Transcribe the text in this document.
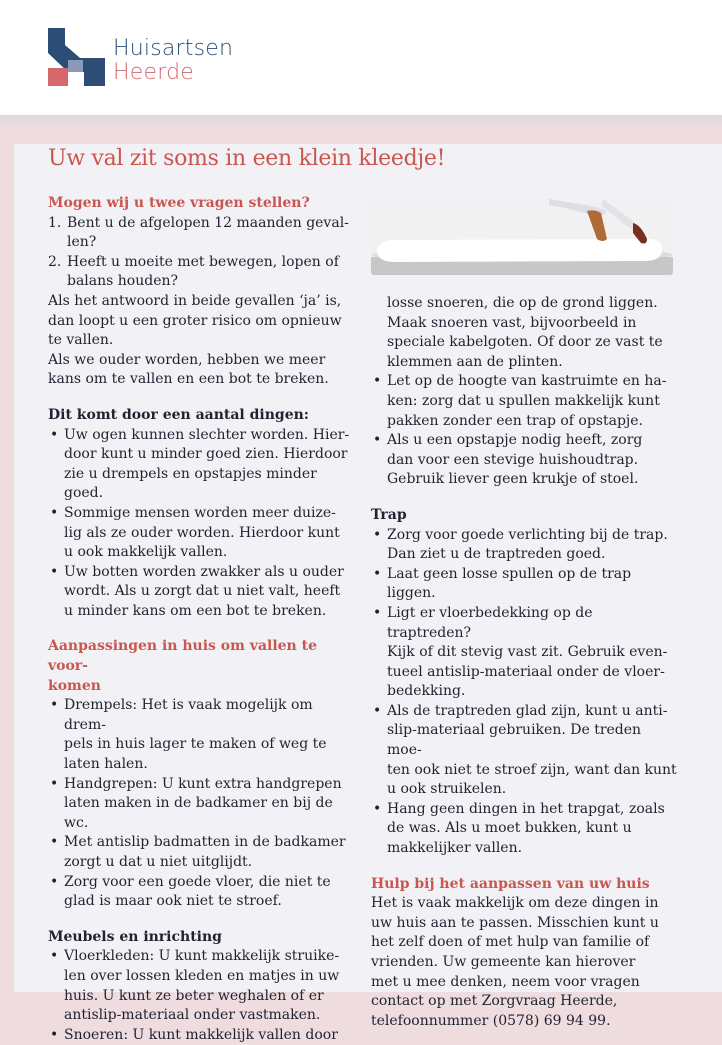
Huisartsen
Heerde
Uw val zit soms in een klein kleedje!

Mogen wij u twee vragen stellen?

1. Bent u de afgelopen 12 maanden geval-
len?
2. Heeft u moeite met bewegen, lopen of
balans houden?

Als het antwoord in beide gevallen ‘ja’ is,
dan loopt u een groter risico om opnieuw
te vallen.

Als we ouder worden, hebben we meer
kans om te vallen en een bot te breken.

Dit komt door een aantal dingen:

• Uw ogen kunnen slechter worden. Hier-
door kunt u minder goed zien. Hierdoor
zie u drempels en opstapjes minder goed.
• Sommige mensen worden meer duize-
lig als ze ouder worden. Hierdoor kunt
u ook makkelijk vallen.
• Uw botten worden zwakker als u ouder
wordt. Als u zorgt dat u niet valt, heeft
u minder kans om een bot te breken.

Aanpassingen in huis om vallen te voor-
komen

• Drempels: Het is vaak mogelijk om drem-
pels in huis lager te maken of weg te
laten halen.
• Handgrepen: U kunt extra handgrepen
laten maken in de badkamer en bij de wc.
• Met antislip badmatten in de badkamer
zorgt u dat u niet uitglijdt.
• Zorg voor een goede vloer, die niet te
glad is maar ook niet te stroef.

Meubels en inrichting

• Vloerkleden: U kunt makkelijk struike-
len over lossen kleden en matjes in uw
huis. U kunt ze beter weghalen of er
antislip-materiaal onder vastmaken.
• Snoeren: U kunt makkelijk vallen door

losse snoeren, die op de grond liggen.
Maak snoeren vast, bijvoorbeeld in
speciale kabelgoten. Of door ze vast te
klemmen aan de plinten.

• Let op de hoogte van kastruimte en ha-
ken: zorg dat u spullen makkelijk kunt
pakken zonder een trap of opstapje.
• Als u een opstapje nodig heeft, zorg
dan voor een stevige huishoudtrap.
Gebruik liever geen krukje of stoel.

Trap

• Zorg voor goede verlichting bij de trap.
Dan ziet u de traptreden goed.
• Laat geen losse spullen op de trap liggen.
• Ligt er vloerbedekking op de traptreden?
Kijk of dit stevig vast zit. Gebruik even-
tueel antislip-materiaal onder de vloer-
bedekking.
• Als de traptreden glad zijn, kunt u anti-
slip-materiaal gebruiken. De treden moe-
ten ook niet te stroef zijn, want dan kunt
u ook struikelen.
• Hang geen dingen in het trapgat, zoals
de was. Als u moet bukken, kunt u
makkelijker vallen.

Hulp bij het aanpassen van uw huis

Het is vaak makkelijk om deze dingen in
uw huis aan te passen. Misschien kunt u
het zelf doen of met hulp van familie of
vrienden. Uw gemeente kan hierover
met u mee denken, neem voor vragen
contact op met Zorgvraag Heerde,
telefoonnummer (0578) 69 94 99.
